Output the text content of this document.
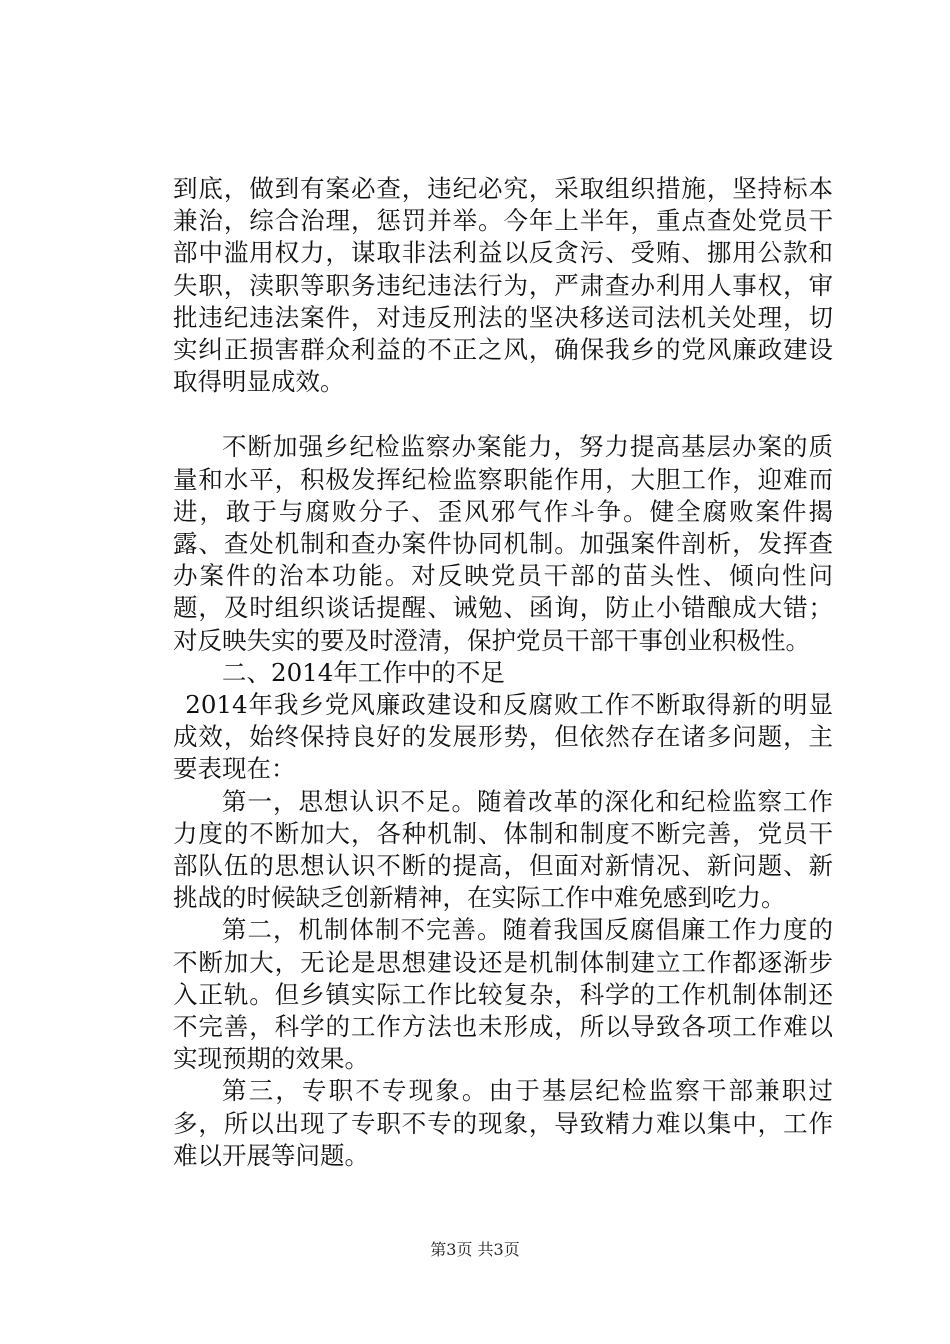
到底，做到有案必查，违纪必究，采取组织措施，坚持标本兼治，综合治理，惩罚并举。今年上半年，重点查处党员干部中滥用权力，谋取非法利益以反贪污、受贿、挪用公款和失职，渎职等职务违纪违法行为，严肃查办利用人事权，审批违纪违法案件，对违反刑法的坚决移送司法机关处理，切实纠正损害群众利益的不正之风，确保我乡的党风廉政建设取得明显成效。

不断加强乡纪检监察办案能力，努力提高基层办案的质量和水平，积极发挥纪检监察职能作用，大胆工作，迎难而进，敢于与腐败分子、歪风邪气作斗争。健全腐败案件揭露、查处机制和查办案件协同机制。加强案件剖析，发挥查办案件的治本功能。对反映党员干部的苗头性、倾向性问题，及时组织谈话提醒、诫勉、函询，防止小错酿成大错；对反映失实的要及时澄清，保护党员干部干事创业积极性。

二、2014年工作中的不足

2014年我乡党风廉政建设和反腐败工作不断取得新的明显成效，始终保持良好的发展形势，但依然存在诸多问题，主要表现在：

第一，思想认识不足。随着改革的深化和纪检监察工作力度的不断加大，各种机制、体制和制度不断完善，党员干部队伍的思想认识不断的提高，但面对新情况、新问题、新挑战的时候缺乏创新精神，在实际工作中难免感到吃力。

第二，机制体制不完善。随着我国反腐倡廉工作力度的不断加大，无论是思想建设还是机制体制建立工作都逐渐步入正轨。但乡镇实际工作比较复杂，科学的工作机制体制还不完善，科学的工作方法也未形成，所以导致各项工作难以实现预期的效果。

第三，专职不专现象。由于基层纪检监察干部兼职过多，所以出现了专职不专的现象，导致精力难以集中，工作难以开展等问题。

第3页 共3页
